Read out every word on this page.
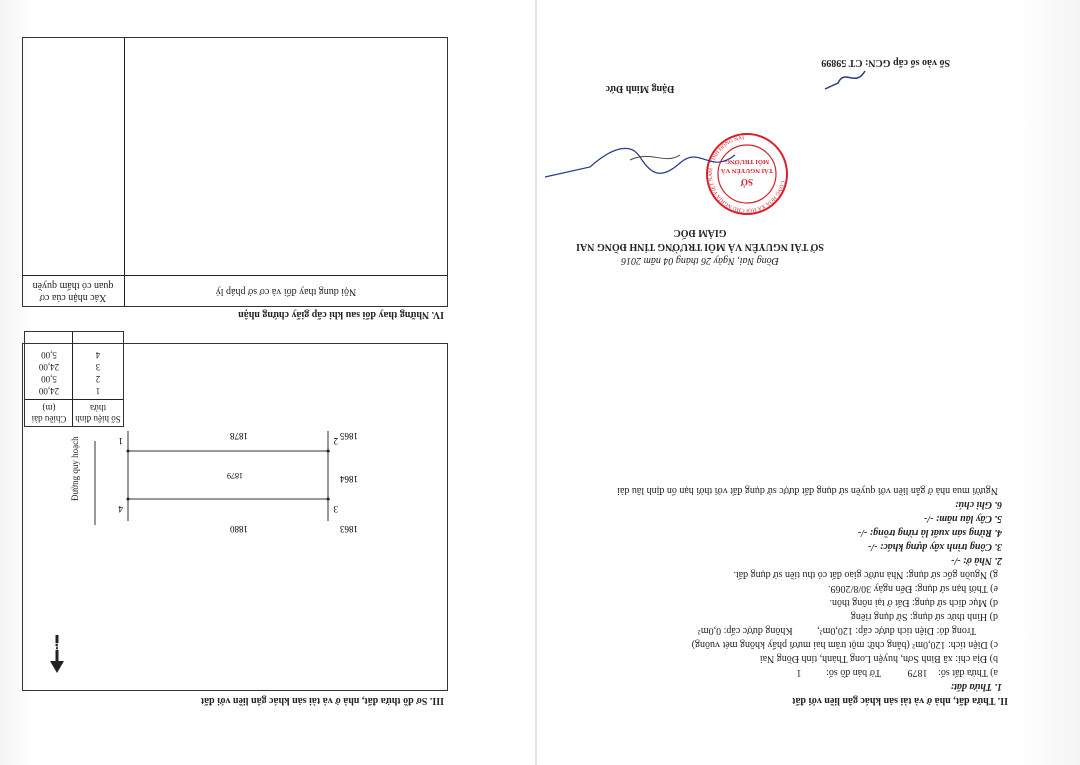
II. Thửa đất, nhà ở và tài sản khác gắn liền với đất
1. Thửa đất:
a) Thửa đất số: 1879 Tờ bản đồ số: 1
b) Địa chỉ: xã Bình Sơn, huyện Long Thành, tỉnh Đồng Nai
c) Diện tích: 120,0m² (bằng chữ: một trăm hai mươi phẩy không mét vuông)
Trong đó: Diện tích được cấp: 120,0m², Không được cấp: 0,0m²
d) Hình thức sử dụng: Sử dụng riêng
d) Mục đích sử dụng: Đất ở tại nông thôn.
e) Thời hạn sử dụng: Đến ngày 30/8/2069.
g) Nguồn gốc sử dụng: Nhà nước giao đất có thu tiền sử dụng đất.
2. Nhà ở: -/-
3. Công trình xây dựng khác: -/-
4. Rừng sản xuất là rừng trồng: -/-
5. Cây lâu năm: -/-
6. Ghi chú:
Người mua nhà ở gắn liền với quyền sử dụng đất được sử dụng đất với thời hạn ổn định lâu dài
Đồng Nai, Ngày 26 tháng 04 năm 2016
SỞ TÀI NGUYÊN VÀ MÔI TRƯỜNG TỈNH ĐỒNG NAI
GIÁM ĐỐC
CỘNG HÒA XÃ HỘI CHỦ NGHĨA VIỆT NAM · TỈNH ĐỒNG NAI
SỞ
TÀI NGUYÊN VÀ
MÔI TRƯỜNG
Đặng Minh Đức
Số vào sổ cấp GCN: CT 59899
III. Sơ đồ thửa đất, nhà ở và tài sản khác gắn liền với đất
B
Đường quy hoạch
3
2
4
1
1863
1880
1864
1879
1865
1878
Số hiệu đỉnh thửa
Chiều dài (m)
1
24,00
2
5,00
3
24,00
4
5,00
IV. Những thay đổi sau khi cấp giấy chứng nhận
Nội dung thay đổi và cơ sở pháp lý
Xác nhận của cơ
quan có thẩm quyền
